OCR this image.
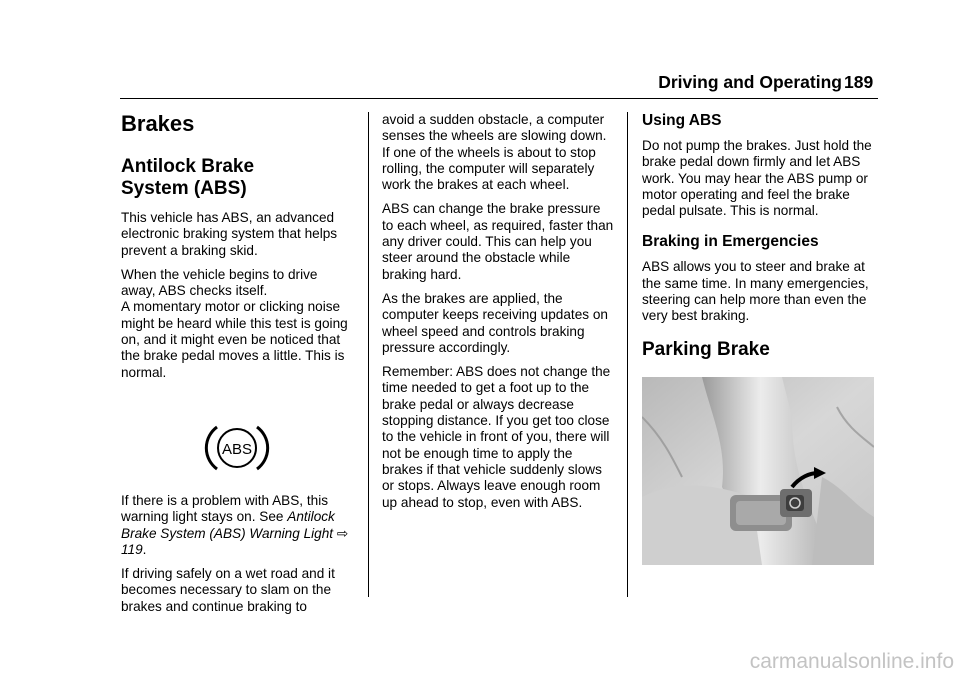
Driving and Operating 189
Brakes
Antilock Brake
System (ABS)

This vehicle has ABS, an advanced electronic braking system that helps prevent a braking skid.

When the vehicle begins to drive away, ABS checks itself.
A momentary motor or clicking noise might be heard while this test is going on, and it might even be noticed that the brake pedal moves a little. This is normal.

ABS

If there is a problem with ABS, this warning light stays on. See Antilock Brake System (ABS) Warning Light ⇨ 119.

If driving safely on a wet road and it becomes necessary to slam on the brakes and continue braking to

avoid a sudden obstacle, a computer senses the wheels are slowing down. If one of the wheels is about to stop rolling, the computer will separately work the brakes at each wheel.

ABS can change the brake pressure to each wheel, as required, faster than any driver could. This can help you steer around the obstacle while braking hard.

As the brakes are applied, the computer keeps receiving updates on wheel speed and controls braking pressure accordingly.

Remember: ABS does not change the time needed to get a foot up to the brake pedal or always decrease stopping distance. If you get too close to the vehicle in front of you, there will not be enough time to apply the brakes if that vehicle suddenly slows or stops. Always leave enough room up ahead to stop, even with ABS.

Using ABS

Do not pump the brakes. Just hold the brake pedal down firmly and let ABS work. You may hear the ABS pump or motor operating and feel the brake pedal pulsate. This is normal.

Braking in Emergencies

ABS allows you to steer and brake at the same time. In many emergencies, steering can help more than even the very best braking.

Parking Brake
carmanualsonline.info
